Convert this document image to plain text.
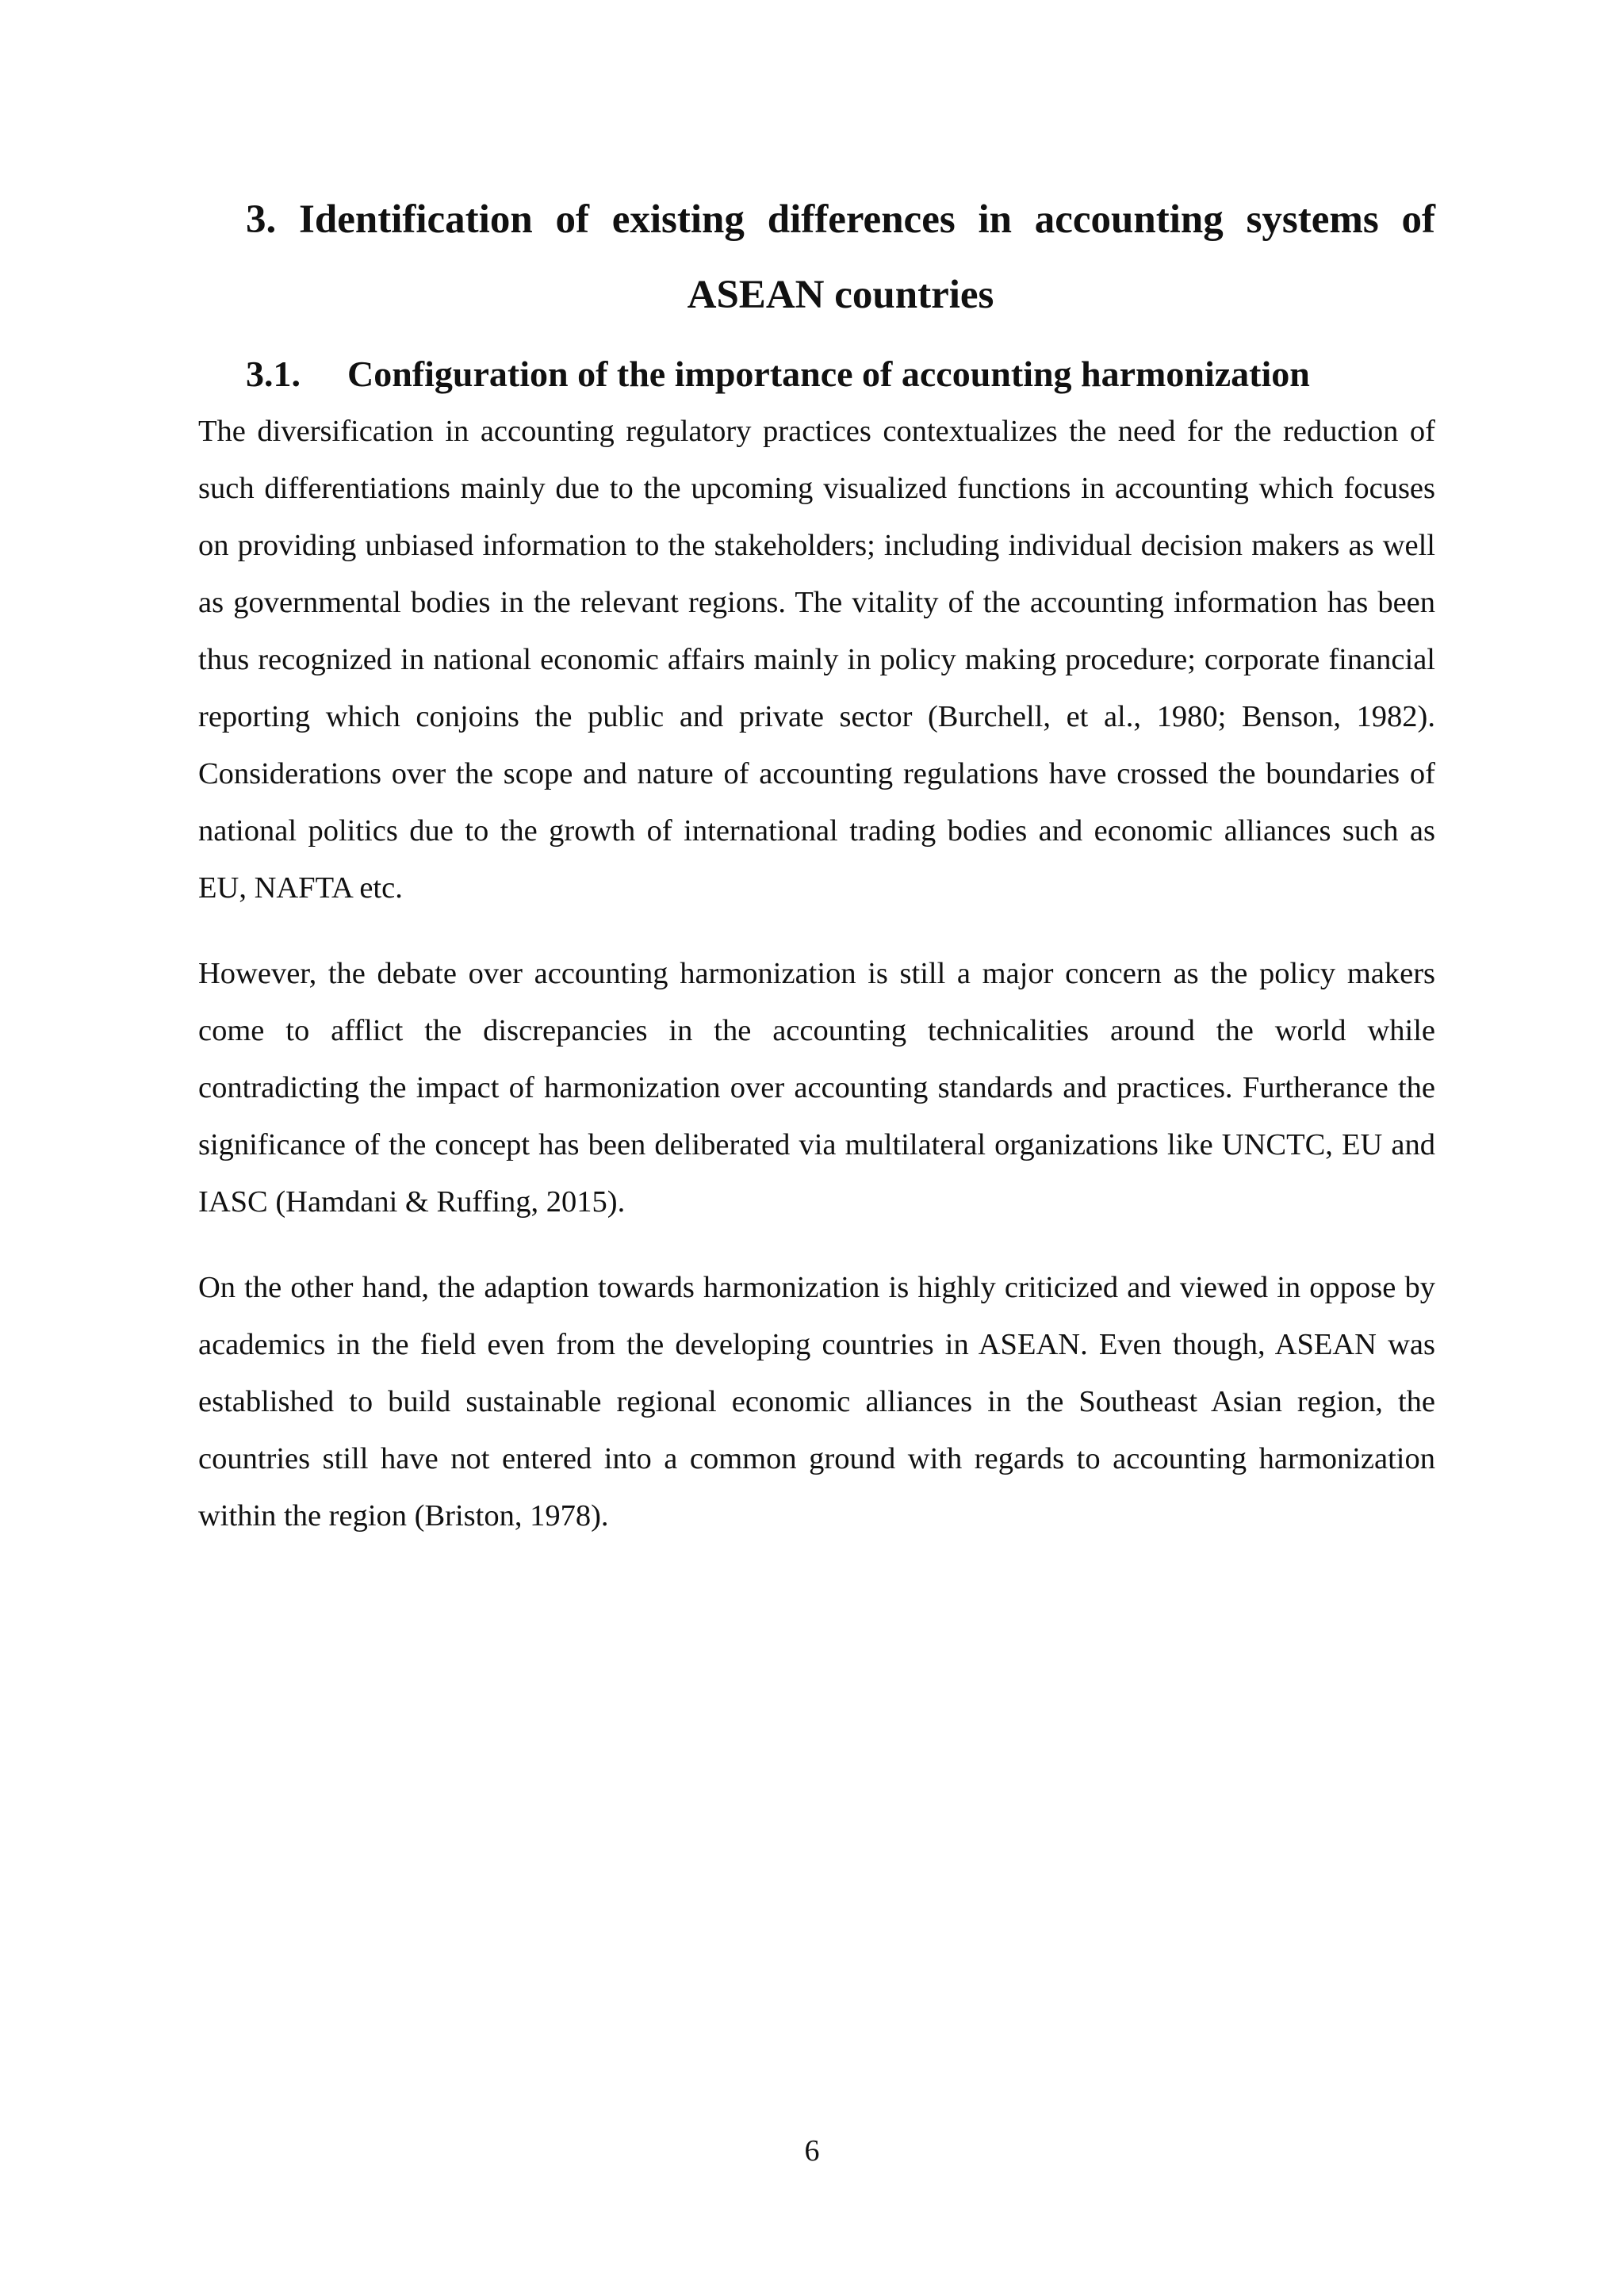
3. Identification of existing differences in accounting systems of ASEAN countries
3.1.	Configuration of the importance of accounting harmonization

The diversification in accounting regulatory practices contextualizes the need for the reduction of such differentiations mainly due to the upcoming visualized functions in accounting which focuses on providing unbiased information to the stakeholders; including individual decision makers as well as governmental bodies in the relevant regions. The vitality of the accounting information has been thus recognized in national economic affairs mainly in policy making procedure; corporate financial reporting which conjoins the public and private sector (Burchell, et al., 1980; Benson, 1982). Considerations over the scope and nature of accounting regulations have crossed the boundaries of national politics due to the growth of international trading bodies and economic alliances such as EU, NAFTA etc.

However, the debate over accounting harmonization is still a major concern as the policy makers come to afflict the discrepancies in the accounting technicalities around the world while contradicting the impact of harmonization over accounting standards and practices. Furtherance the significance of the concept has been deliberated via multilateral organizations like UNCTC, EU and IASC (Hamdani & Ruffing, 2015).

On the other hand, the adaption towards harmonization is highly criticized and viewed in oppose by academics in the field even from the developing countries in ASEAN. Even though, ASEAN was established to build sustainable regional economic alliances in the Southeast Asian region, the countries still have not entered into a common ground with regards to accounting harmonization within the region (Briston, 1978).

6
